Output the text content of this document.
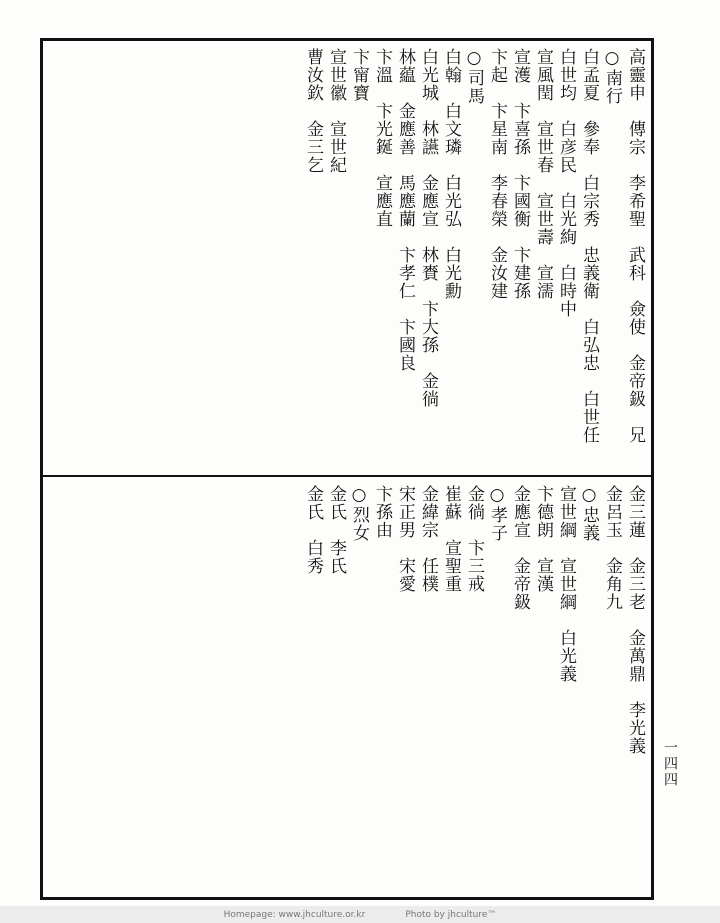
高靈申　傳宗　李希聖　武科　僉使　金帝鈒　兄
○南行
白孟夏　參奉　白宗秀　忠義衛　白弘忠　白世任
白世均　白彦民　白光絢　白時中
宣風閏　宣世春　宣世壽　宣濡
宣濩　卞喜孫　卞國衡　卞建孫
卞起　卞星南　李春榮　金汝建
○司馬
白翰　白文璘　白光弘　白光勳
白光城　林讌　金應宣　林賚　卞大孫　金徜
林藴　金應善　馬應蘭　卞孝仁　卞國良
卞溫　卞光鋋　宣應直
卞甯寶
宣世徽　宣世紀
曹汝欽　金三乞
金三蓮　金三老　金萬鼎　李光義
金呂玉　金角九
○忠義
宣世綱　宣世綱　白光義
卞德朗　宣漢
金應宣　金帝鈒
○孝子
金徜　卞三戒
崔蘇　宣聖重
金緯宗　任樸
宋正男　宋愛
卞孫由
○烈女
金氏　李氏
金氏　白秀
一四四
Homepage: www.jhculture.or.kr	Photo by jhculture™
